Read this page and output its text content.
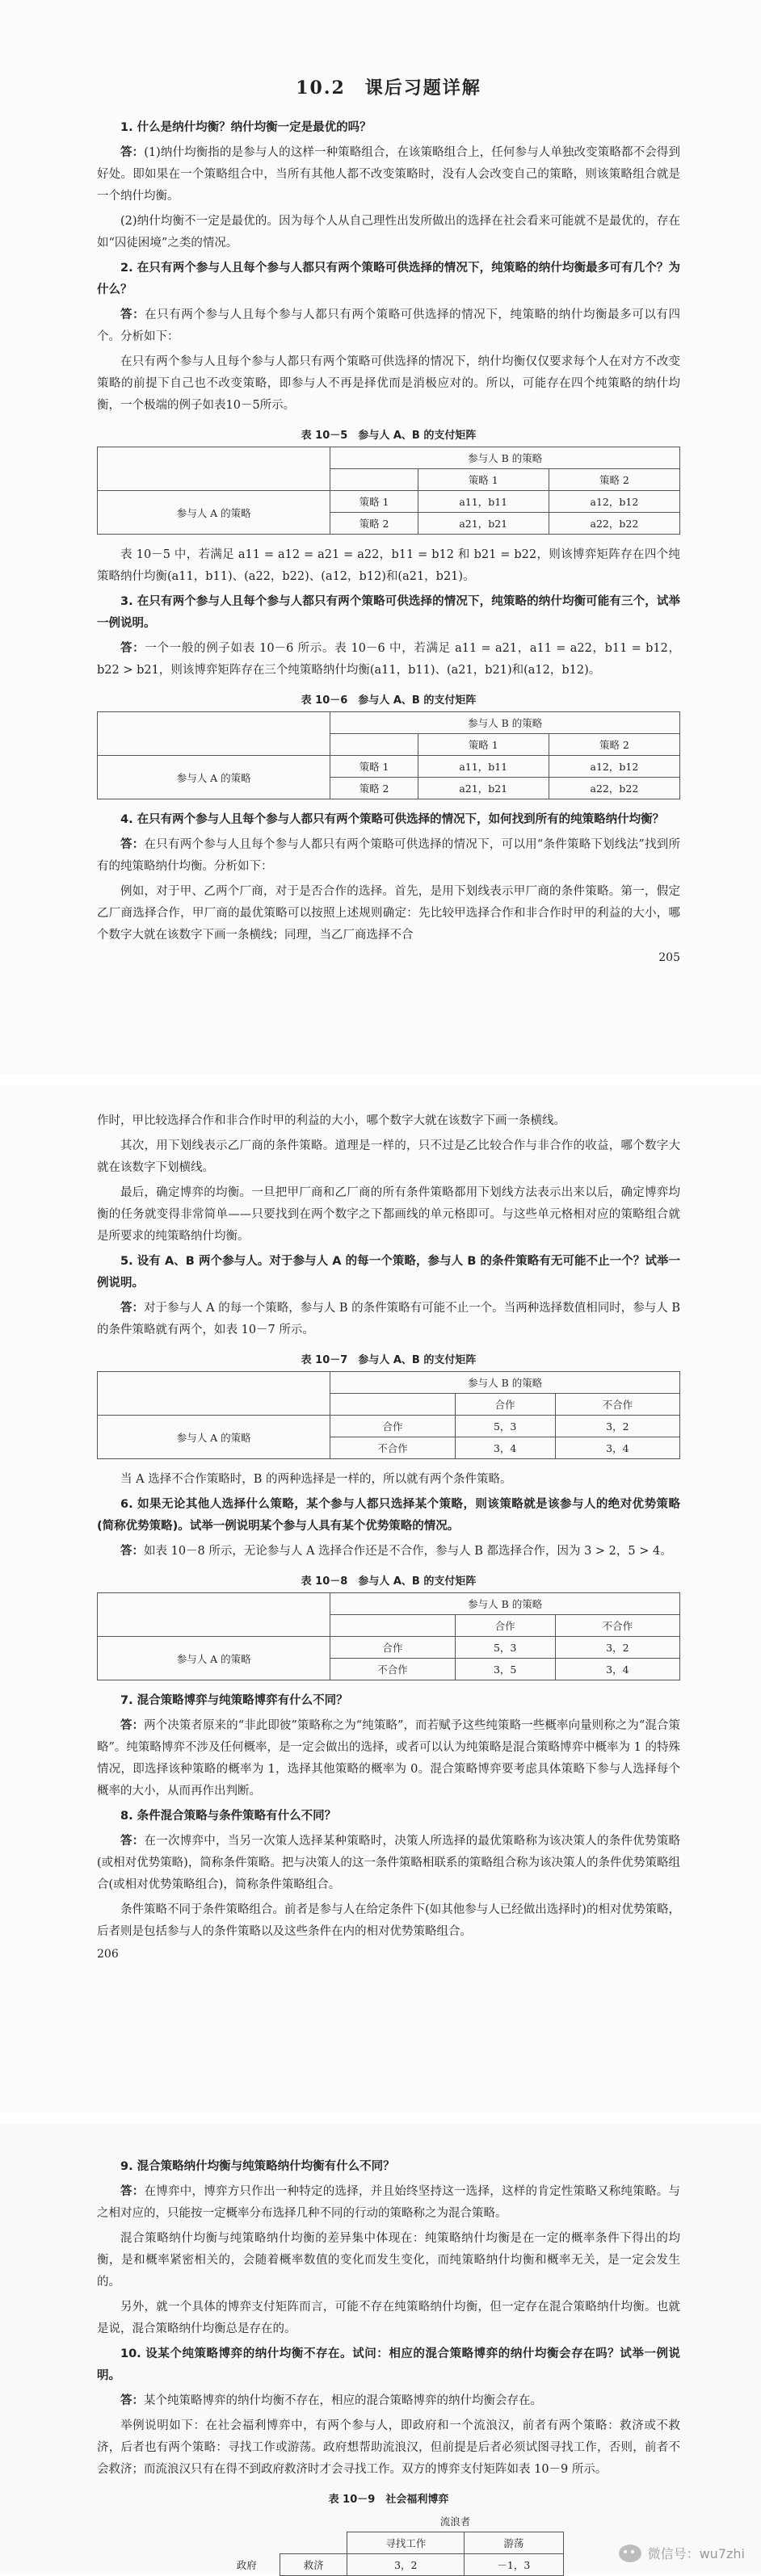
10.2　课后习题详解

1. 什么是纳什均衡？纳什均衡一定是最优的吗？

答：(1)纳什均衡指的是参与人的这样一种策略组合，在该策略组合上，任何参与人单独改变策略都不会得到好处。即如果在一个策略组合中，当所有其他人都不改变策略时，没有人会改变自己的策略，则该策略组合就是一个纳什均衡。

(2)纳什均衡不一定是最优的。因为每个人从自己理性出发所做出的选择在社会看来可能就不是最优的，存在如“囚徒困境”之类的情况。

2. 在只有两个参与人且每个参与人都只有两个策略可供选择的情况下，纯策略的纳什均衡最多可有几个？为什么？

答：在只有两个参与人且每个参与人都只有两个策略可供选择的情况下，纯策略的纳什均衡最多可以有四个。分析如下：

在只有两个参与人且每个参与人都只有两个策略可供选择的情况下，纳什均衡仅仅要求每个人在对方不改变策略的前提下自己也不改变策略，即参与人不再是择优而是消极应对的。所以，可能存在四个纯策略的纳什均衡，一个极端的例子如表10－5所示。

表 10－5　参与人 A、B 的支付矩阵
	参与人 B 的策略		
		策略 1	策略 2
参与人 A 的策略	策略 1	a11，b11	a12，b12
	策略 2	a21，b21	a22，b22

表 10－5 中，若满足 a11 = a12 = a21 = a22，b11 = b12 和 b21 = b22，则该博弈矩阵存在四个纯策略纳什均衡(a11，b11)、(a22，b22)、(a12，b12)和(a21，b21)。

3. 在只有两个参与人且每个参与人都只有两个策略可供选择的情况下，纯策略的纳什均衡可能有三个，试举一例说明。

答：一个一般的例子如表 10－6 所示。表 10－6 中，若满足 a11 = a21，a11 = a22，b11 = b12，b22 > b21，则该博弈矩阵存在三个纯策略纳什均衡(a11，b11)、(a21，b21)和(a12，b12)。

表 10－6　参与人 A、B 的支付矩阵
	参与人 B 的策略		
		策略 1	策略 2
参与人 A 的策略	策略 1	a11，b11	a12，b12
	策略 2	a21，b21	a22，b22

4. 在只有两个参与人且每个参与人都只有两个策略可供选择的情况下，如何找到所有的纯策略纳什均衡？

答：在只有两个参与人且每个参与人都只有两个策略可供选择的情况下，可以用“条件策略下划线法”找到所有的纯策略纳什均衡。分析如下：

例如，对于甲、乙两个厂商，对于是否合作的选择。首先，是用下划线表示甲厂商的条件策略。第一，假定乙厂商选择合作，甲厂商的最优策略可以按照上述规则确定：先比较甲选择合作和非合作时甲的利益的大小，哪个数字大就在该数字下画一条横线；同理，当乙厂商选择不合

205

作时，甲比较选择合作和非合作时甲的利益的大小，哪个数字大就在该数字下画一条横线。

其次，用下划线表示乙厂商的条件策略。道理是一样的，只不过是乙比较合作与非合作的收益，哪个数字大就在该数字下划横线。

最后，确定博弈的均衡。一旦把甲厂商和乙厂商的所有条件策略都用下划线方法表示出来以后，确定博弈均衡的任务就变得非常简单——只要找到在两个数字之下都画线的单元格即可。与这些单元格相对应的策略组合就是所要求的纯策略纳什均衡。

5. 设有 A、B 两个参与人。对于参与人 A 的每一个策略，参与人 B 的条件策略有无可能不止一个？试举一例说明。

答：对于参与人 A 的每一个策略，参与人 B 的条件策略有可能不止一个。当两种选择数值相同时，参与人 B 的条件策略就有两个，如表 10－7 所示。

表 10－7　参与人 A、B 的支付矩阵
	参与人 B 的策略		
		合作	不合作
参与人 A 的策略	合作	5，3	3，2
	不合作	3，4	3，4

当 A 选择不合作策略时，B 的两种选择是一样的，所以就有两个条件策略。

6. 如果无论其他人选择什么策略，某个参与人都只选择某个策略，则该策略就是该参与人的绝对优势策略(简称优势策略)。试举一例说明某个参与人具有某个优势策略的情况。

答：如表 10－8 所示，无论参与人 A 选择合作还是不合作，参与人 B 都选择合作，因为 3 > 2，5 > 4。

表 10－8　参与人 A、B 的支付矩阵
	参与人 B 的策略		
		合作	不合作
参与人 A 的策略	合作	5，3	3，2
	不合作	3，5	3，4

7. 混合策略博弈与纯策略博弈有什么不同？

答：两个决策者原来的“非此即彼”策略称之为“纯策略”，而若赋予这些纯策略一些概率向量则称之为“混合策略”。纯策略博弈不涉及任何概率，是一定会做出的选择，或者可以认为纯策略是混合策略博弈中概率为 1 的特殊情况，即选择该种策略的概率为 1，选择其他策略的概率为 0。混合策略博弈要考虑具体策略下参与人选择每个概率的大小，从而再作出判断。

8. 条件混合策略与条件策略有什么不同？

答：在一次博弈中，当另一次策人选择某种策略时，决策人所选择的最优策略称为该决策人的条件优势策略(或相对优势策略)，简称条件策略。把与决策人的这一条件策略相联系的策略组合称为该决策人的条件优势策略组合(或相对优势策略组合)，简称条件策略组合。

条件策略不同于条件策略组合。前者是参与人在给定条件下(如其他参与人已经做出选择时)的相对优势策略，后者则是包括参与人的条件策略以及这些条件在内的相对优势策略组合。

206

9. 混合策略纳什均衡与纯策略纳什均衡有什么不同？

答：在博弈中，博弈方只作出一种特定的选择，并且始终坚持这一选择，这样的肯定性策略又称纯策略。与之相对应的，只能按一定概率分布选择几种不同的行动的策略称之为混合策略。

混合策略纳什均衡与纯策略纳什均衡的差异集中体现在：纯策略纳什均衡是在一定的概率条件下得出的均衡，是和概率紧密相关的，会随着概率数值的变化而发生变化，而纯策略纳什均衡和概率无关，是一定会发生的。

另外，就一个具体的博弈支付矩阵而言，可能不存在纯策略纳什均衡，但一定存在混合策略纳什均衡。也就是说，混合策略纳什均衡总是存在的。

10. 设某个纯策略博弈的纳什均衡不存在。试问：相应的混合策略博弈的纳什均衡会存在吗？试举一例说明。

答：某个纯策略博弈的纳什均衡不存在，相应的混合策略博弈的纳什均衡会存在。

举例说明如下：在社会福利博弈中，有两个参与人，即政府和一个流浪汉，前者有两个策略：救济或不救济，后者也有两个策略：寻找工作或游荡。政府想帮助流浪汉，但前提是后者必须试图寻找工作，否则，前者不会救济；而流浪汉只有在得不到政府救济时才会寻找工作。双方的博弈支付矩阵如表 10－9 所示。

表 10－9　社会福利博弈
		流浪者	
		寻找工作	游荡
政府	救济	3，2	－1，3
微信号：wu7zhi
